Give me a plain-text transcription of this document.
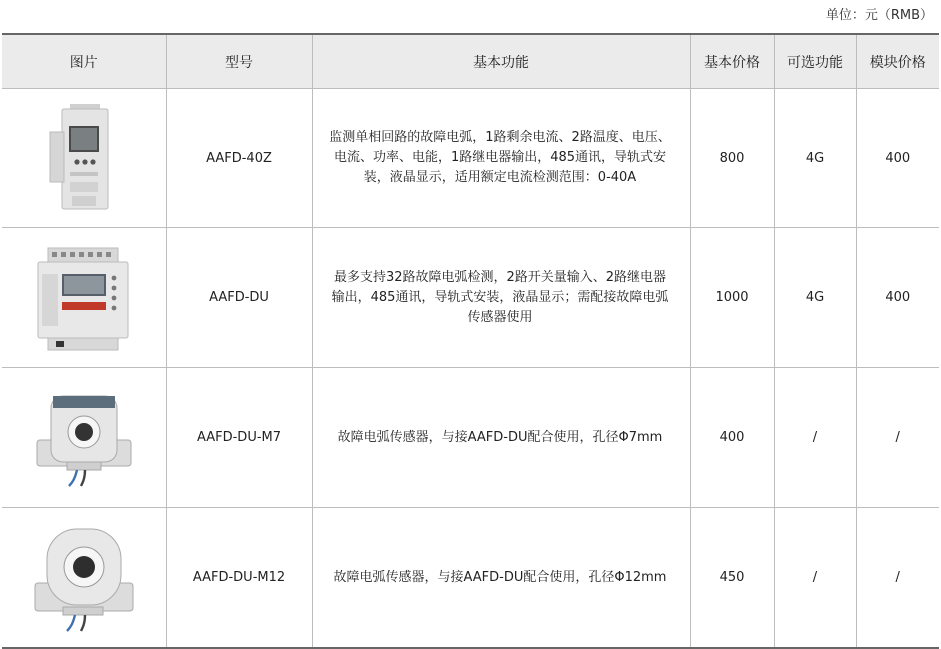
单位：元（RMB）
图片	型号	基本功能	基本价格	可选功能	模块价格

	AAFD-40Z	监测单相回路的故障电弧，1路剩余电流、2路温度、电压、电流、功率、电能，1路继电器输出，485通讯，导轨式安装，液晶显示，适用额定电流检测范围：0-40A	800	4G	400

	AAFD-DU	最多支持32路故障电弧检测，2路开关量输入、2路继电器输出，485通讯，导轨式安装，液晶显示；需配接故障电弧传感器使用	1000	4G	400

	AAFD-DU-M7	故障电弧传感器，与接AAFD-DU配合使用，孔径Φ7mm	400	/	/

	AAFD-DU-M12	故障电弧传感器，与接AAFD-DU配合使用，孔径Φ12mm	450	/	/
